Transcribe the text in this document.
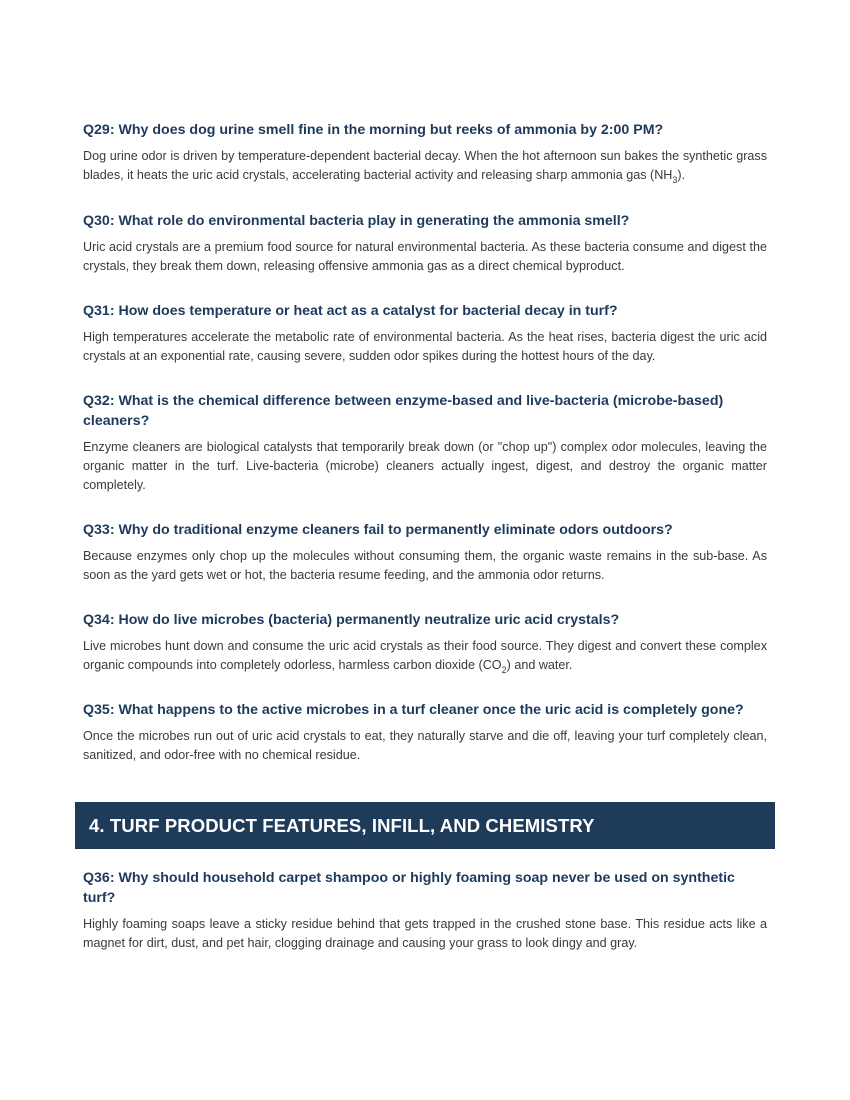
Q29: Why does dog urine smell fine in the morning but reeks of ammonia by 2:00 PM?

Dog urine odor is driven by temperature-dependent bacterial decay. When the hot afternoon sun bakes the synthetic grass blades, it heats the uric acid crystals, accelerating bacterial activity and releasing sharp ammonia gas $(NH_3)$.

Q30: What role do environmental bacteria play in generating the ammonia smell?

Uric acid crystals are a premium food source for natural environmental bacteria. As these bacteria consume and digest the crystals, they break them down, releasing offensive ammonia gas as a direct chemical byproduct.

Q31: How does temperature or heat act as a catalyst for bacterial decay in turf?

High temperatures accelerate the metabolic rate of environmental bacteria. As the heat rises, bacteria digest the uric acid crystals at an exponential rate, causing severe, sudden odor spikes during the hottest hours of the day.

Q32: What is the chemical difference between enzyme-based and live-bacteria (microbe-based) cleaners?

Enzyme cleaners are biological catalysts that temporarily break down (or "chop up") complex odor molecules, leaving the organic matter in the turf. Live-bacteria (microbe) cleaners actually ingest, digest, and destroy the organic matter completely.

Q33: Why do traditional enzyme cleaners fail to permanently eliminate odors outdoors?

Because enzymes only chop up the molecules without consuming them, the organic waste remains in the sub-base. As soon as the yard gets wet or hot, the bacteria resume feeding, and the ammonia odor returns.

Q34: How do live microbes (bacteria) permanently neutralize uric acid crystals?

Live microbes hunt down and consume the uric acid crystals as their food source. They digest and convert these complex organic compounds into completely odorless, harmless carbon dioxide $(CO_2)$ and water.

Q35: What happens to the active microbes in a turf cleaner once the uric acid is completely gone?

Once the microbes run out of uric acid crystals to eat, they naturally starve and die off, leaving your turf completely clean, sanitized, and odor-free with no chemical residue.

4. TURF PRODUCT FEATURES, INFILL, AND CHEMISTRY

Q36: Why should household carpet shampoo or highly foaming soap never be used on synthetic turf?

Highly foaming soaps leave a sticky residue behind that gets trapped in the crushed stone base. This residue acts like a magnet for dirt, dust, and pet hair, clogging drainage and causing your grass to look dingy and gray.
